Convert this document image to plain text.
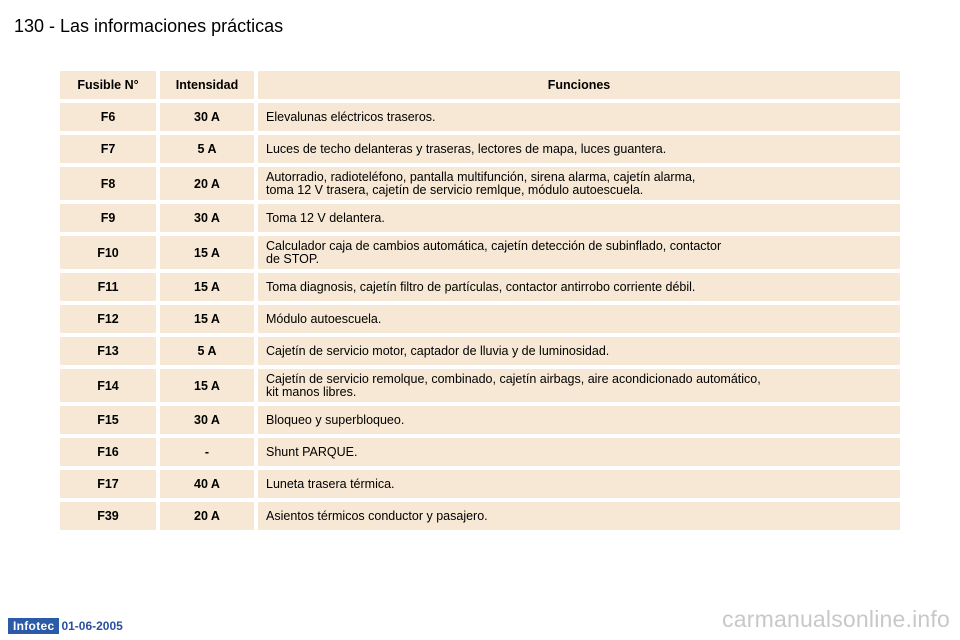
130 - Las informaciones prácticas
Fusible N°	Intensidad	Funciones
F6	30 A	Elevalunas eléctricos traseros.

F7	5 A	Luces de techo delanteras y traseras, lectores de mapa, luces guantera.

F8	20 A	Autorradio, radioteléfono, pantalla multifunción, sirena alarma, cajetín alarma,
toma 12 V trasera, cajetín de servicio remlque, módulo autoescuela.

F9	30 A	Toma 12 V delantera.

F10	15 A	Calculador caja de cambios automática, cajetín detección de subinflado, contactor
de STOP.

F11	15 A	Toma diagnosis, cajetín filtro de partículas, contactor antirrobo corriente débil.

F12	15 A	Módulo autoescuela.

F13	5 A	Cajetín de servicio motor, captador de lluvia y de luminosidad.

F14	15 A	Cajetín de servicio remolque, combinado, cajetín airbags, aire acondicionado automático,
kit manos libres.

F15	30 A	Bloqueo y superbloqueo.

F16	-	Shunt PARQUE.

F17	40 A	Luneta trasera térmica.

F39	20 A	Asientos térmicos conductor y pasajero.
Infotec 01-06-2005	carmanualsonline.info
